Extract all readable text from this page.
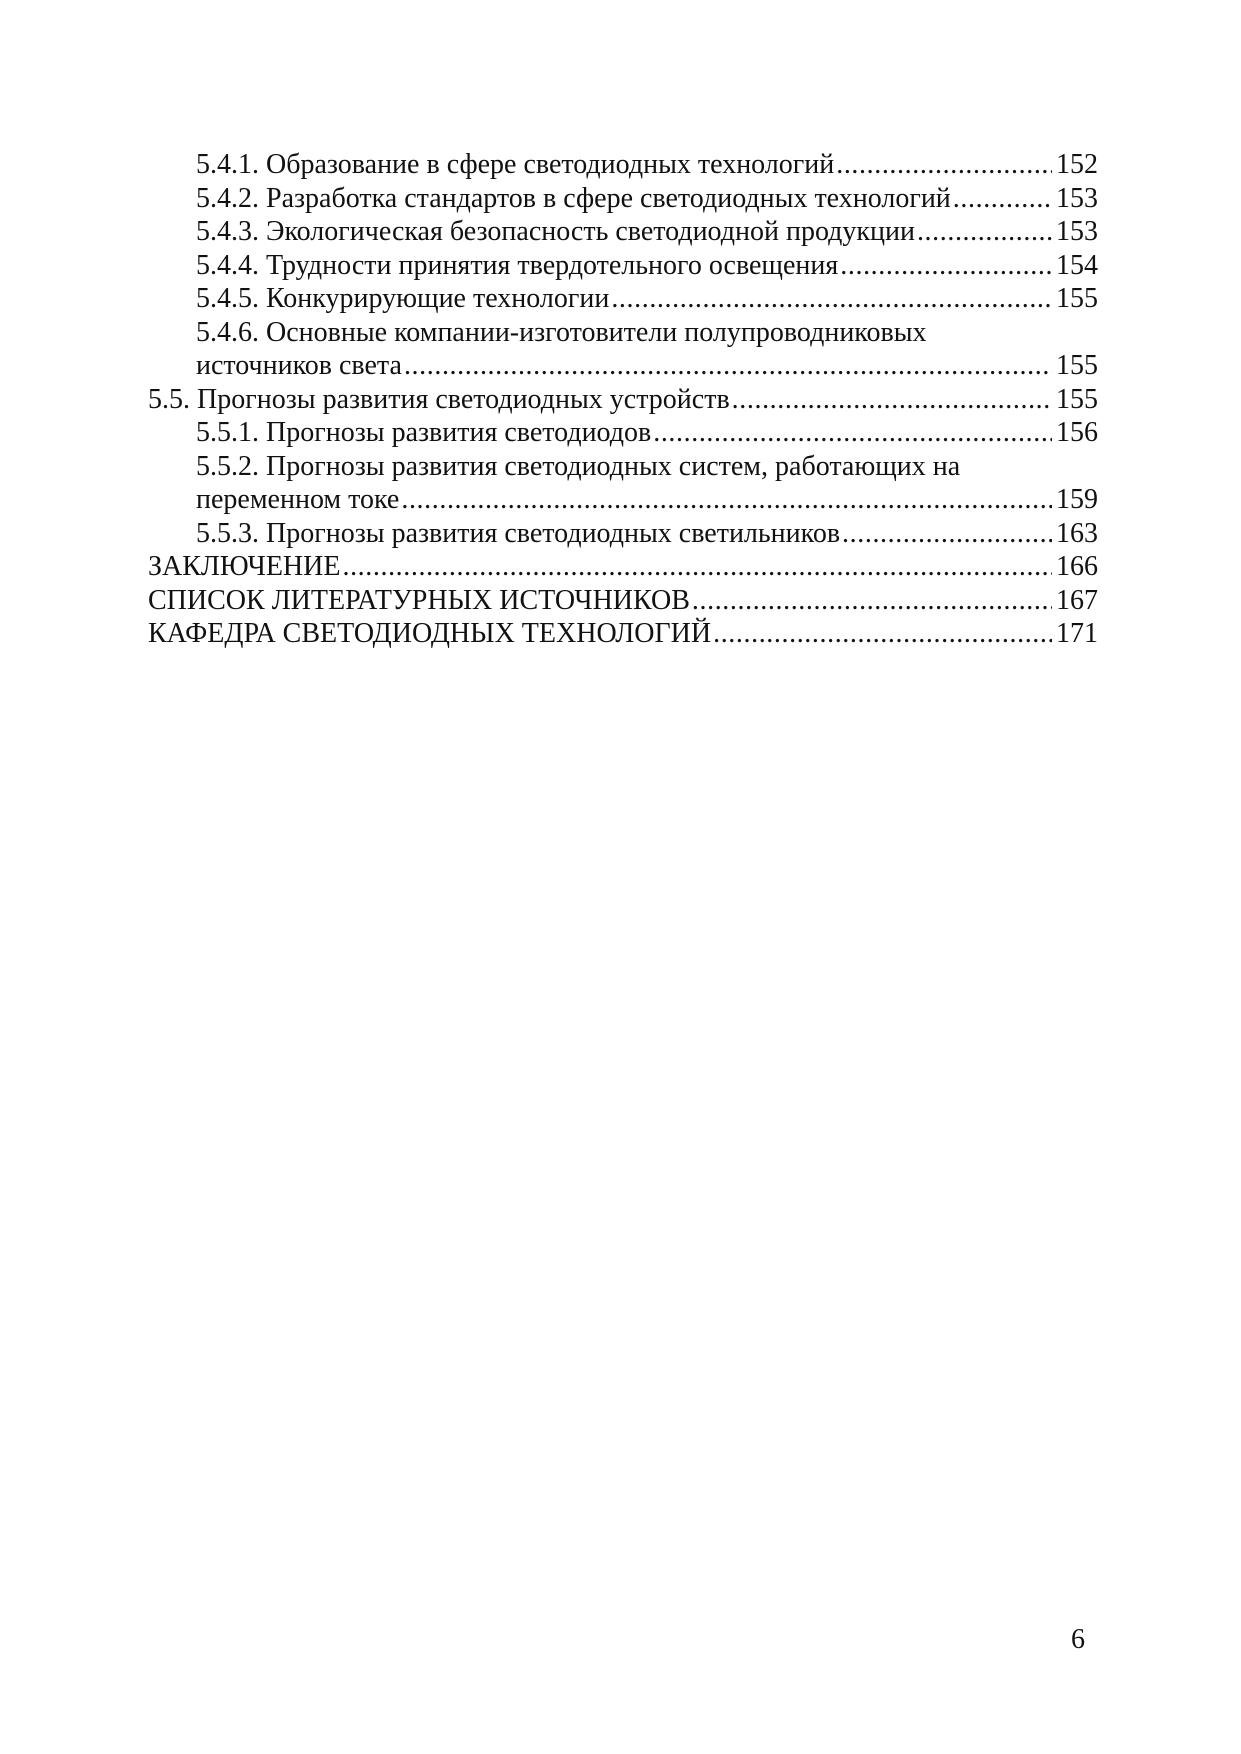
5.4.1. Образование в сфере светодиодных технологий . . .	152
5.4.2. Разработка стандартов в сфере светодиодных технологий . . .	153
5.4.3. Экологическая безопасность светодиодной продукции . . .	153
5.4.4. Трудности принятия твердотельного освещения . . .	154
5.4.5. Конкурирующие технологии . . .	155
5.4.6. Основные компании-изготовители полупроводниковых
источников света . . .	155
5.5. Прогнозы развития светодиодных устройств . . .	155
5.5.1. Прогнозы развития светодиодов . . .	156
5.5.2. Прогнозы развития светодиодных систем, работающих на
переменном токе . . .	159
5.5.3. Прогнозы развития светодиодных светильников . . .	163
ЗАКЛЮЧЕНИЕ . . .	166
СПИСОК ЛИТЕРАТУРНЫХ ИСТОЧНИКОВ . . .	167
КАФЕДРА СВЕТОДИОДНЫХ ТЕХНОЛОГИЙ . . .	171
6
